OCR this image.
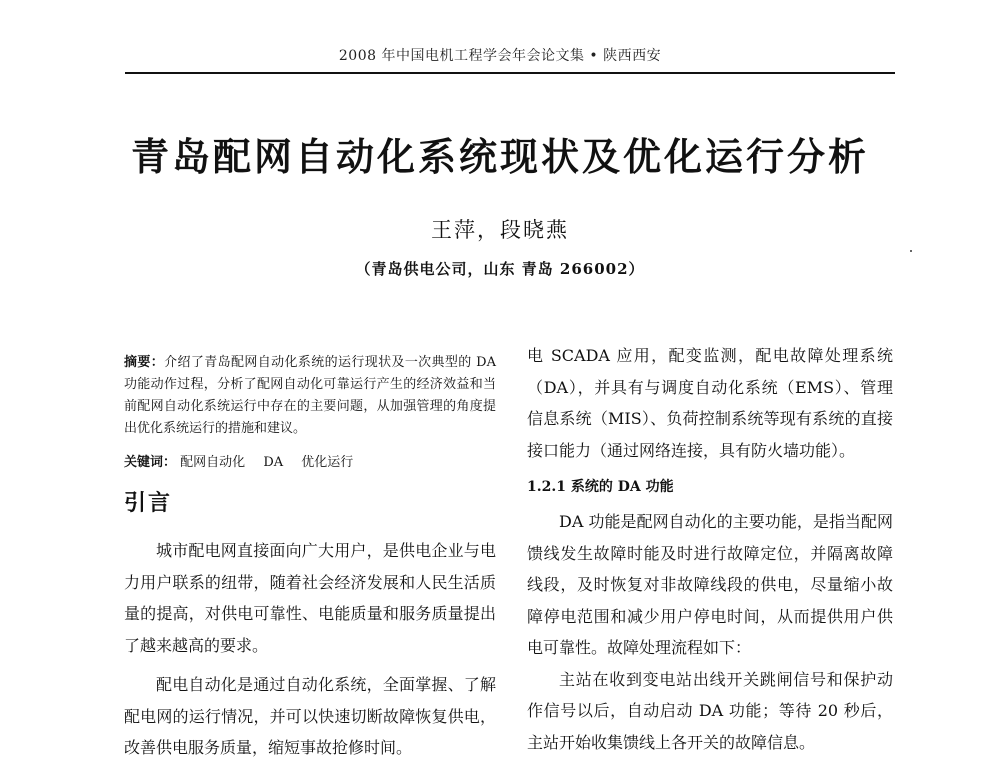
2008 年中国电机工程学会年会论文集 • 陕西西安
青岛配网自动化系统现状及优化运行分析
王萍，段晓燕
（青岛供电公司，山东 青岛 266002）

摘要：介绍了青岛配网自动化系统的运行现状及一次典型的 DA 功能动作过程，分析了配网自动化可靠运行产生的经济效益和当前配网自动化系统运行中存在的主要问题，从加强管理的角度提出优化系统运行的措施和建议。

关键词： 配网自动化 DA 优化运行
引言

城市配电网直接面向广大用户，是供电企业与电力用户联系的纽带，随着社会经济发展和人民生活质量的提高，对供电可靠性、电能质量和服务质量提出了越来越高的要求。

配电自动化是通过自动化系统，全面掌握、了解配电网的运行情况，并可以快速切断故障恢复供电，改善供电服务质量，缩短事故抢修时间。

电 SCADA 应用，配变监测，配电故障处理系统（DA），并具有与调度自动化系统（EMS）、管理信息系统（MIS）、负荷控制系统等现有系统的直接接口能力（通过网络连接，具有防火墙功能）。

1.2.1 系统的 DA 功能

DA 功能是配网自动化的主要功能，是指当配网馈线发生故障时能及时进行故障定位，并隔离故障线段，及时恢复对非故障线段的供电，尽量缩小故障停电范围和减少用户停电时间，从而提供用户供电可靠性。故障处理流程如下：

主站在收到变电站出线开关跳闸信号和保护动作信号以后，自动启动 DA 功能；等待 20 秒后，主站开始收集馈线上各开关的故障信息。
